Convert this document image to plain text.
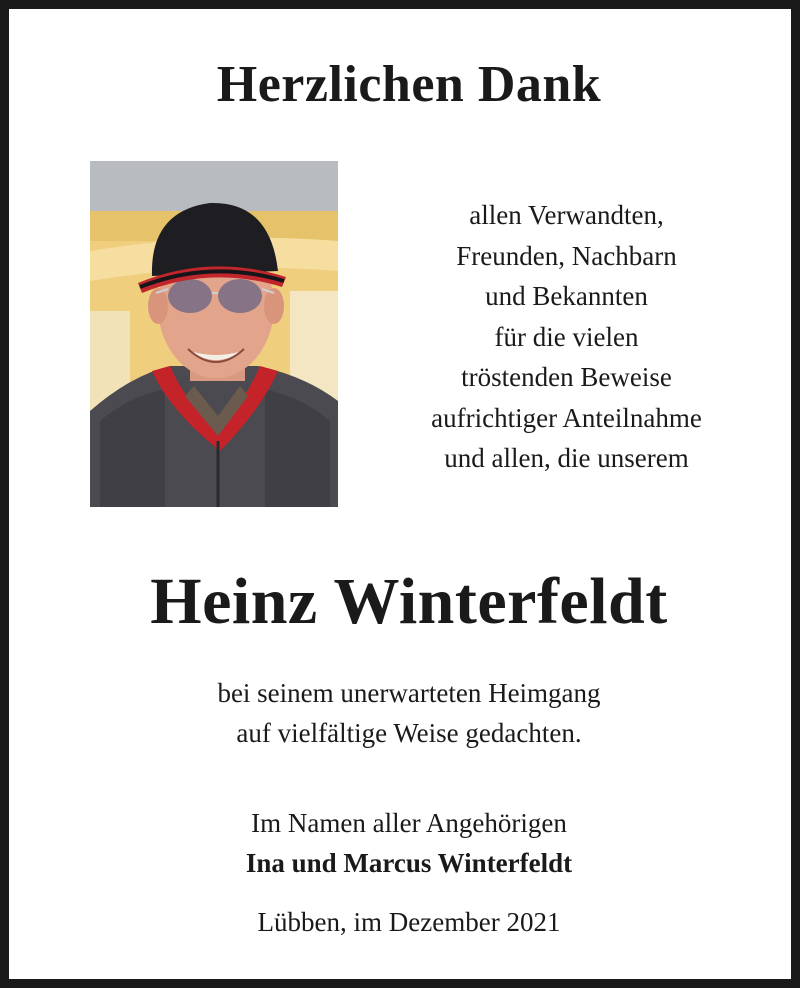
Herzlichen Dank
allen Verwandten,
Freunden, Nachbarn
und Bekannten
für die vielen
tröstenden Beweise
aufrichtiger Anteilnahme
und allen, die unserem
Heinz Winterfeldt
bei seinem unerwarteten Heimgang
auf vielfältige Weise gedachten.
Im Namen aller Angehörigen
Ina und Marcus Winterfeldt
Lübben, im Dezember 2021
